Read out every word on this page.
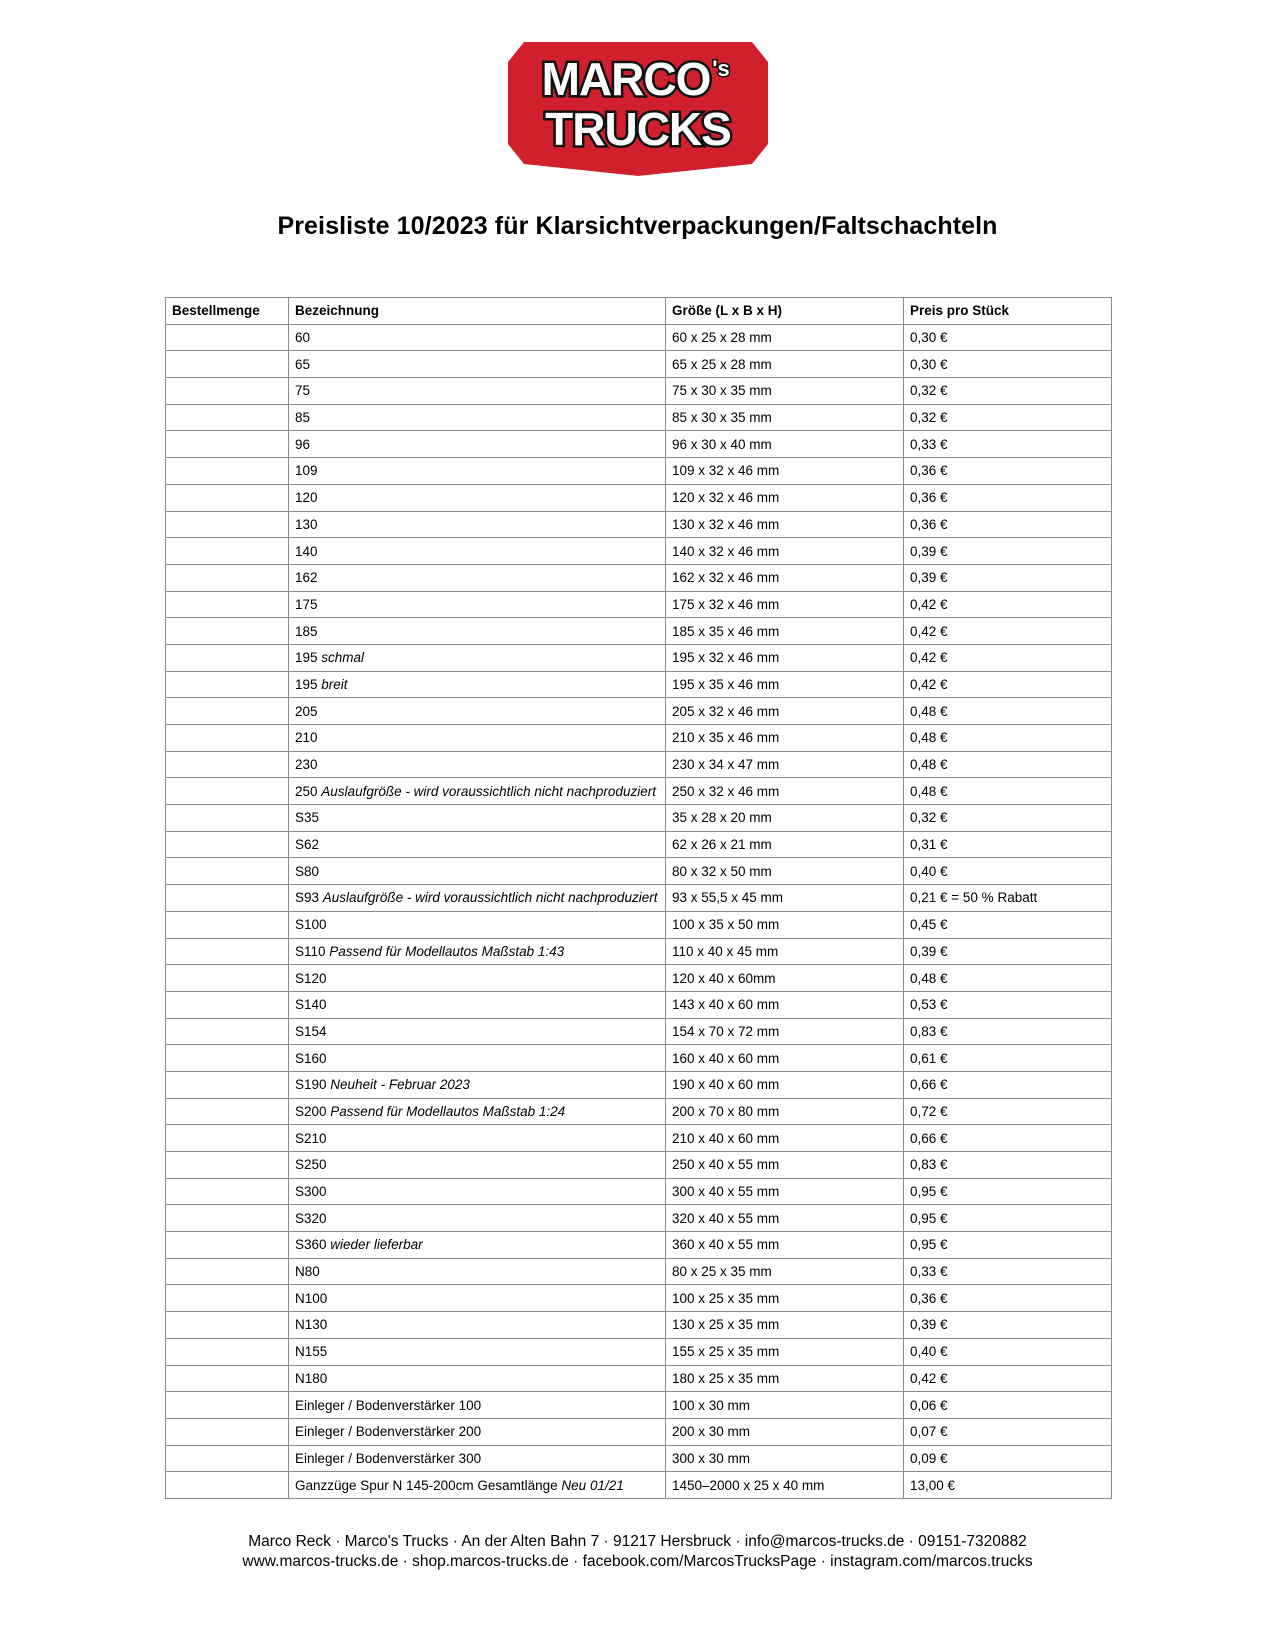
MARCO 's
TRUCKS
Preisliste 10/2023 für Klarsichtverpackungen/Faltschachteln
Bestellmenge	Bezeichnung	Größe (L x B x H)	Preis pro Stück
	60	60 x 25 x 28 mm	0,30 €
	65	65 x 25 x 28 mm	0,30 €
	75	75 x 30 x 35 mm	0,32 €
	85	85 x 30 x 35 mm	0,32 €
	96	96 x 30 x 40 mm	0,33 €
	109	109 x 32 x 46 mm	0,36 €
	120	120 x 32 x 46 mm	0,36 €
	130	130 x 32 x 46 mm	0,36 €
	140	140 x 32 x 46 mm	0,39 €
	162	162 x 32 x 46 mm	0,39 €
	175	175 x 32 x 46 mm	0,42 €
	185	185 x 35 x 46 mm	0,42 €
	195 schmal	195 x 32 x 46 mm	0,42 €
	195 breit	195 x 35 x 46 mm	0,42 €
	205	205 x 32 x 46 mm	0,48 €
	210	210 x 35 x 46 mm	0,48 €
	230	230 x 34 x 47 mm	0,48 €
	250 Auslaufgröße - wird voraussichtlich nicht nachproduziert	250 x 32 x 46 mm	0,48 €
	S35	35 x 28 x 20 mm	0,32 €
	S62	62 x 26 x 21 mm	0,31 €
	S80	80 x 32 x 50 mm	0,40 €
	S93 Auslaufgröße - wird voraussichtlich nicht nachproduziert	93 x 55,5 x 45 mm	0,21 € = 50 % Rabatt
	S100	100 x 35 x 50 mm	0,45 €
	S110 Passend für Modellautos Maßstab 1:43	110 x 40 x 45 mm	0,39 €
	S120	120 x 40 x 60mm	0,48 €
	S140	143 x 40 x 60 mm	0,53 €
	S154	154 x 70 x 72 mm	0,83 €
	S160	160 x 40 x 60 mm	0,61 €
	S190 Neuheit - Februar 2023	190 x 40 x 60 mm	0,66 €
	S200 Passend für Modellautos Maßstab 1:24	200 x 70 x 80 mm	0,72 €
	S210	210 x 40 x 60 mm	0,66 €
	S250	250 x 40 x 55 mm	0,83 €
	S300	300 x 40 x 55 mm	0,95 €
	S320	320 x 40 x 55 mm	0,95 €
	S360 wieder lieferbar	360 x 40 x 55 mm	0,95 €
	N80	80 x 25 x 35 mm	0,33 €
	N100	100 x 25 x 35 mm	0,36 €
	N130	130 x 25 x 35 mm	0,39 €
	N155	155 x 25 x 35 mm	0,40 €
	N180	180 x 25 x 35 mm	0,42 €
	Einleger / Bodenverstärker 100	100 x 30 mm	0,06 €
	Einleger / Bodenverstärker 200	200 x 30 mm	0,07 €
	Einleger / Bodenverstärker 300	300 x 30 mm	0,09 €
	Ganzzüge Spur N 145-200cm Gesamtlänge Neu 01/21	1450–2000 x 25 x 40 mm	13,00 €
Marco Reck · Marco's Trucks · An der Alten Bahn 7 · 91217 Hersbruck · info@marcos-trucks.de · 09151-7320882
www.marcos-trucks.de · shop.marcos-trucks.de · facebook.com/MarcosTrucksPage · instagram.com/marcos.trucks
